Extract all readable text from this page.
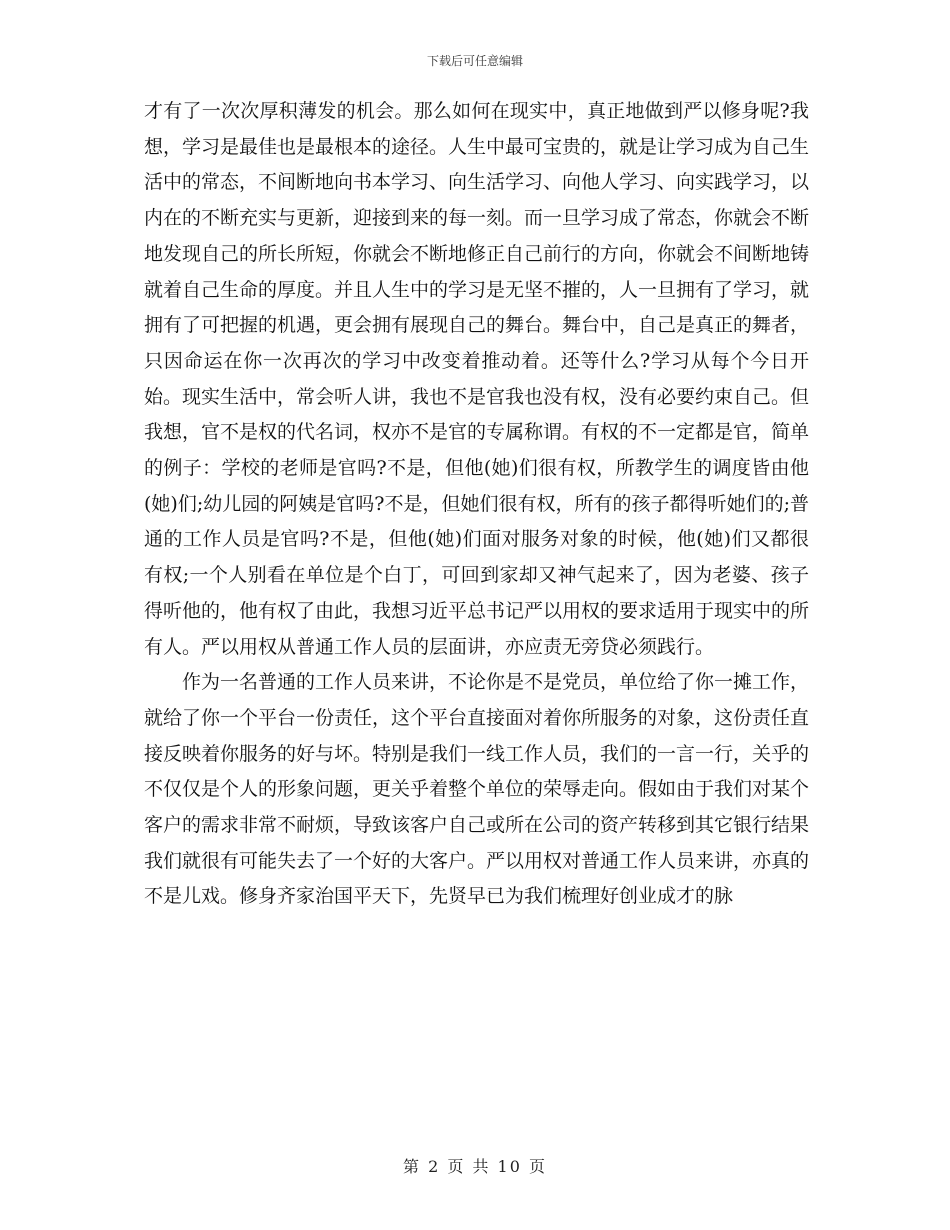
下载后可任意编辑

才有了一次次厚积薄发的机会。那么如何在现实中，真正地做到严以修身呢?我想，学习是最佳也是最根本的途径。人生中最可宝贵的，就是让学习成为自己生活中的常态，不间断地向书本学习、向生活学习、向他人学习、向实践学习，以内在的不断充实与更新，迎接到来的每一刻。而一旦学习成了常态，你就会不断地发现自己的所长所短，你就会不断地修正自己前行的方向，你就会不间断地铸就着自己生命的厚度。并且人生中的学习是无坚不摧的，人一旦拥有了学习，就拥有了可把握的机遇，更会拥有展现自己的舞台。舞台中，自己是真正的舞者，只因命运在你一次再次的学习中改变着推动着。还等什么?学习从每个今日开始。现实生活中，常会听人讲，我也不是官我也没有权，没有必要约束自己。但我想，官不是权的代名词，权亦不是官的专属称谓。有权的不一定都是官，简单的例子：学校的老师是官吗?不是，但他(她)们很有权，所教学生的调度皆由他(她)们;幼儿园的阿姨是官吗?不是，但她们很有权，所有的孩子都得听她们的;普通的工作人员是官吗?不是，但他(她)们面对服务对象的时候，他(她)们又都很有权;一个人别看在单位是个白丁，可回到家却又神气起来了，因为老婆、孩子得听他的，他有权了由此，我想习近平总书记严以用权的要求适用于现实中的所有人。严以用权从普通工作人员的层面讲，亦应责无旁贷必须践行。

作为一名普通的工作人员来讲，不论你是不是党员，单位给了你一摊工作，就给了你一个平台一份责任，这个平台直接面对着你所服务的对象，这份责任直接反映着你服务的好与坏。特别是我们一线工作人员，我们的一言一行，关乎的不仅仅是个人的形象问题，更关乎着整个单位的荣辱走向。假如由于我们对某个客户的需求非常不耐烦，导致该客户自己或所在公司的资产转移到其它银行结果我们就很有可能失去了一个好的大客户。严以用权对普通工作人员来讲，亦真的不是儿戏。修身齐家治国平天下，先贤早已为我们梳理好创业成才的脉

第 2 页 共 10 页
